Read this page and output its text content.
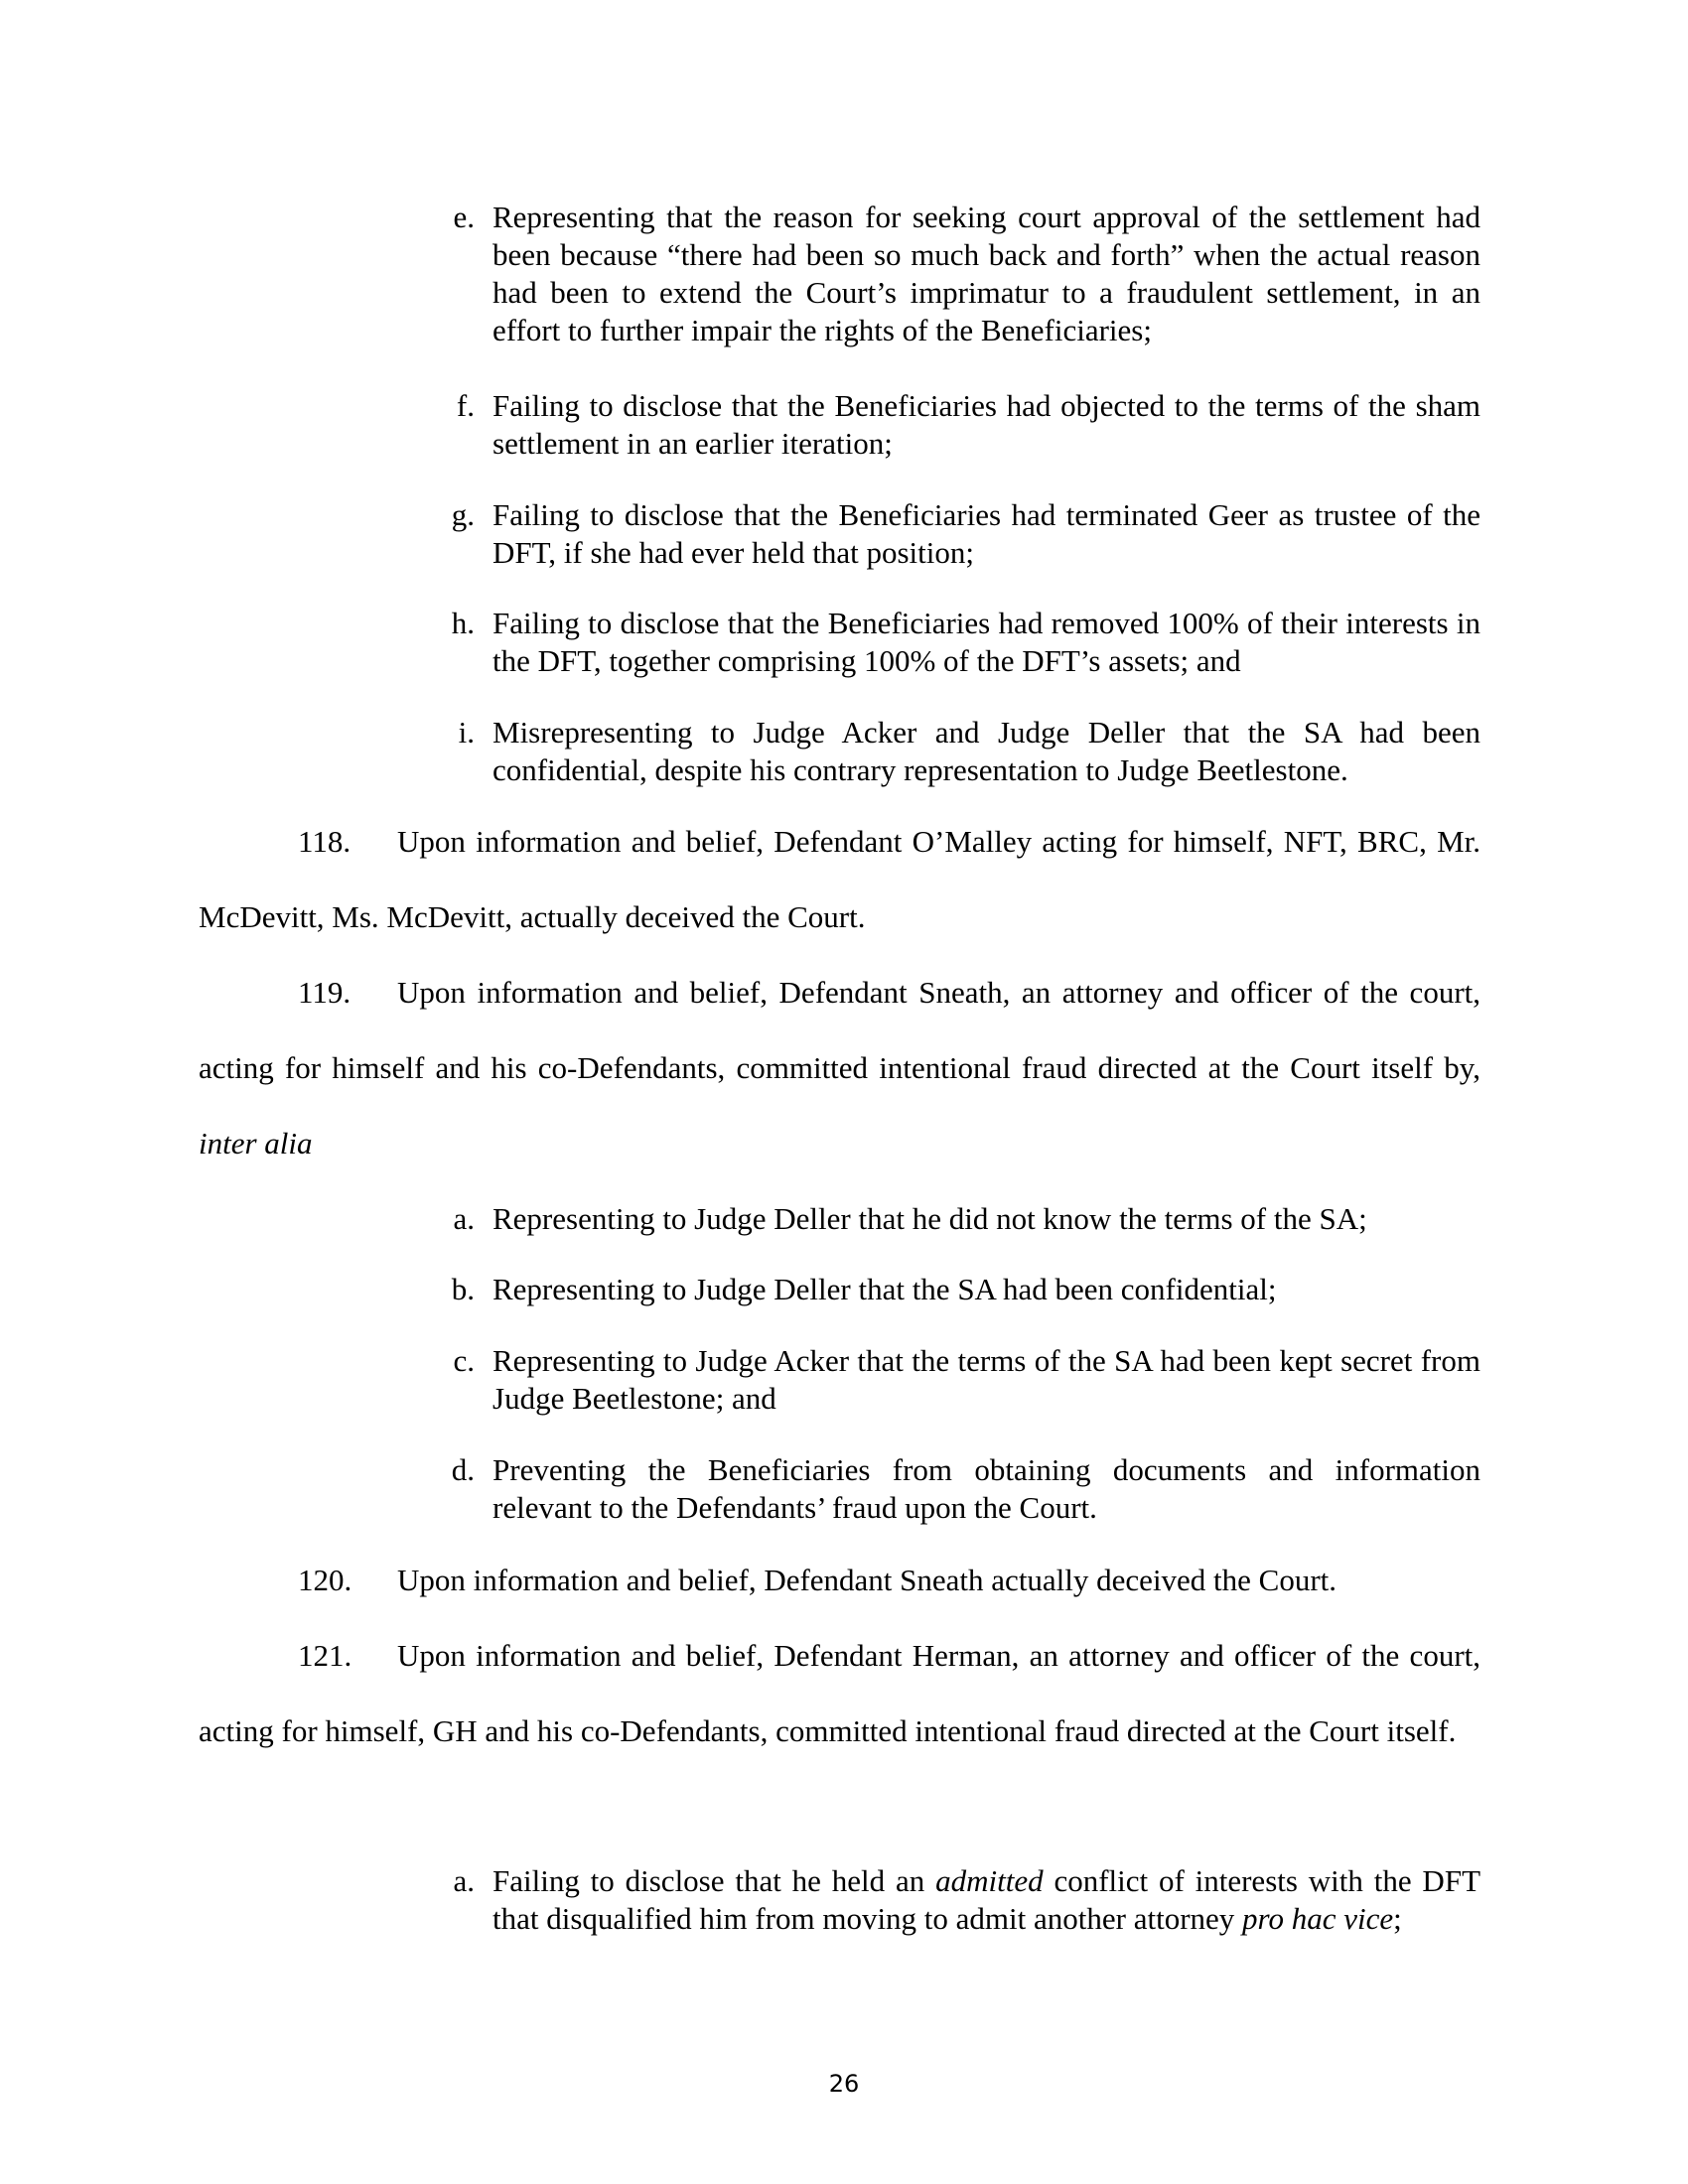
e. Representing that the reason for seeking court approval of the settlement had been because “there had been so much back and forth” when the actual reason had been to extend the Court’s imprimatur to a fraudulent settlement, in an effort to further impair the rights of the Beneficiaries;
f. Failing to disclose that the Beneficiaries had objected to the terms of the sham settlement in an earlier iteration;
g. Failing to disclose that the Beneficiaries had terminated Geer as trustee of the DFT, if she had ever held that position;
h. Failing to disclose that the Beneficiaries had removed 100% of their interests in the DFT, together comprising 100% of the DFT’s assets; and
i. Misrepresenting to Judge Acker and Judge Deller that the SA had been confidential, despite his contrary representation to Judge Beetlestone.
118. Upon information and belief, Defendant O’Malley acting for himself, NFT, BRC, Mr. McDevitt, Ms. McDevitt, actually deceived the Court.
119. Upon information and belief, Defendant Sneath, an attorney and officer of the court, acting for himself and his co-Defendants, committed intentional fraud directed at the Court itself by, inter alia
a. Representing to Judge Deller that he did not know the terms of the SA;
b. Representing to Judge Deller that the SA had been confidential;
c. Representing to Judge Acker that the terms of the SA had been kept secret from Judge Beetlestone; and
d. Preventing the Beneficiaries from obtaining documents and information relevant to the Defendants’ fraud upon the Court.
120. Upon information and belief, Defendant Sneath actually deceived the Court.
121. Upon information and belief, Defendant Herman, an attorney and officer of the court, acting for himself, GH and his co-Defendants, committed intentional fraud directed at the Court itself.
a. Failing to disclose that he held an admitted conflict of interests with the DFT that disqualified him from moving to admit another attorney pro hac vice;
26
